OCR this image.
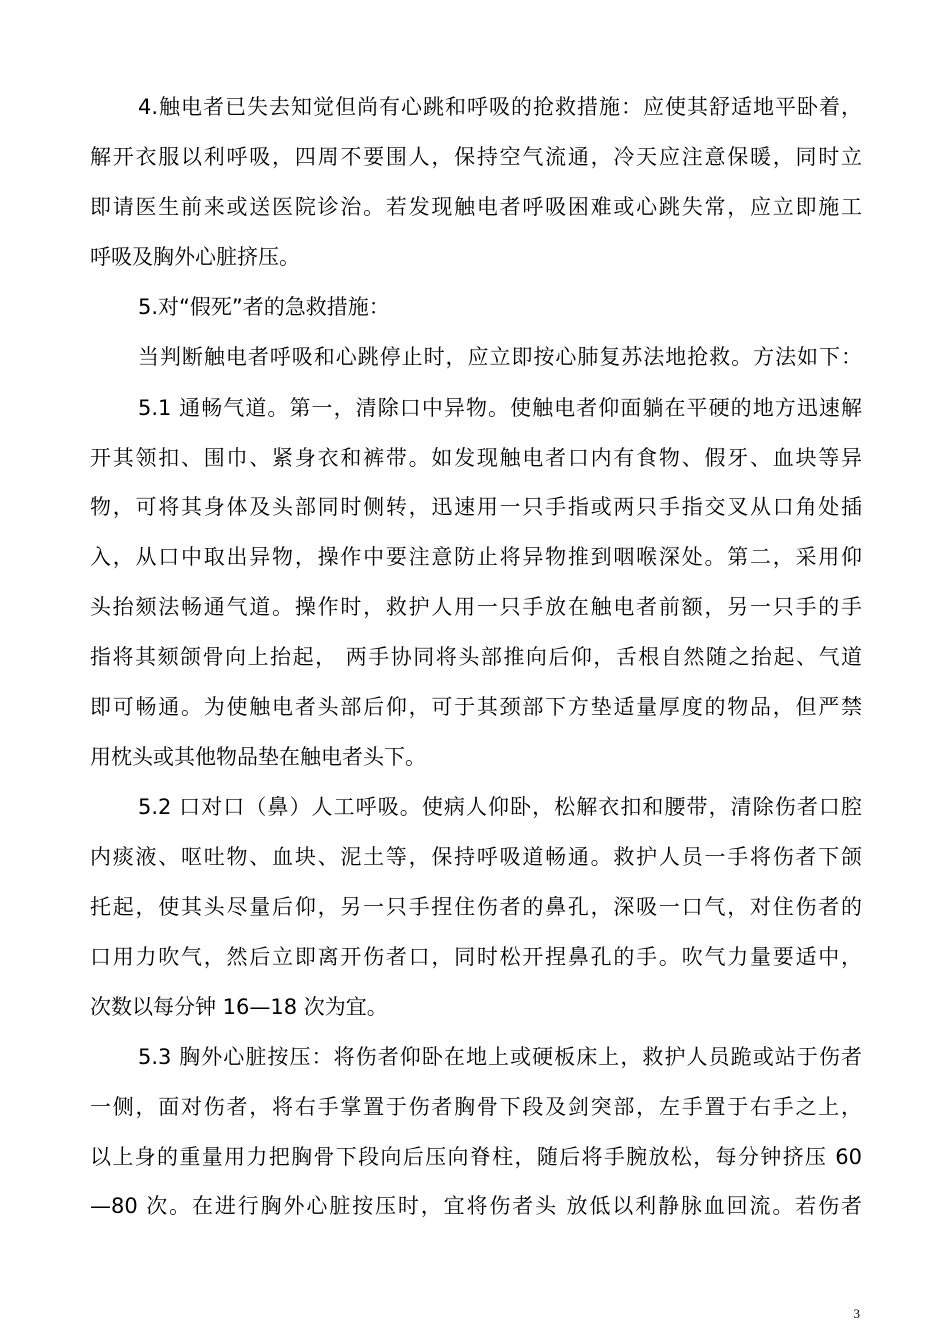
4.触电者已失去知觉但尚有心跳和呼吸的抢救措施：应使其舒适地平卧着，
解开衣服以利呼吸，四周不要围人，保持空气流通，冷天应注意保暖，同时立
即请医生前来或送医院诊治。若发现触电者呼吸困难或心跳失常，应立即施工
呼吸及胸外心脏挤压。
5.对“假死”者的急救措施：
当判断触电者呼吸和心跳停止时，应立即按心肺复苏法地抢救。方法如下：
5.1 通畅气道。第一，清除口中异物。使触电者仰面躺在平硬的地方迅速解
开其领扣、围巾、紧身衣和裤带。如发现触电者口内有食物、假牙、血块等异
物，可将其身体及头部同时侧转，迅速用一只手指或两只手指交叉从口角处插
入，从口中取出异物，操作中要注意防止将异物推到咽喉深处。第二，采用仰
头抬颏法畅通气道。操作时，救护人用一只手放在触电者前额，另一只手的手
指将其颏颌骨向上抬起， 两手协同将头部推向后仰，舌根自然随之抬起、气道
即可畅通。为使触电者头部后仰，可于其颈部下方垫适量厚度的物品，但严禁
用枕头或其他物品垫在触电者头下。
5.2 口对口（鼻）人工呼吸。使病人仰卧，松解衣扣和腰带，清除伤者口腔
内痰液、呕吐物、血块、泥土等，保持呼吸道畅通。救护人员一手将伤者下颌
托起，使其头尽量后仰，另一只手捏住伤者的鼻孔，深吸一口气，对住伤者的
口用力吹气，然后立即离开伤者口，同时松开捏鼻孔的手。吹气力量要适中，
次数以每分钟 16—18 次为宜。
5.3 胸外心脏按压：将伤者仰卧在地上或硬板床上，救护人员跪或站于伤者
一侧，面对伤者，将右手掌置于伤者胸骨下段及剑突部，左手置于右手之上，
以上身的重量用力把胸骨下段向后压向脊柱，随后将手腕放松，每分钟挤压 60
—80 次。在进行胸外心脏按压时，宜将伤者头 放低以利静脉血回流。若伤者
3
